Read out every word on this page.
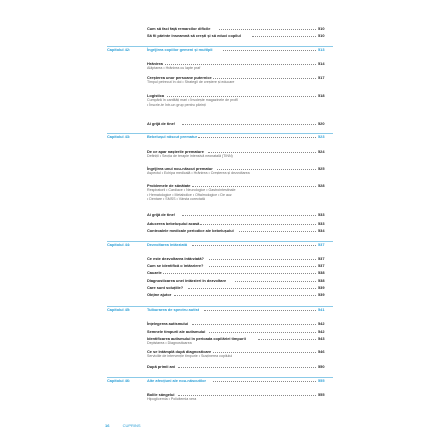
Cum să faci față remarcilor dificile	510
Să fii părinte înseamnă să crești și să educi copilul	510
Capitolul 42:	Îngrijirea copiilor gemeni și multipli	513
Hrănirea	514
Alăptarea • Hrănirea cu lapte praf
Creșterea unor persoane puternice	517
Timpul petrecut în doi • Strategii de creștere și educare
Logistica	518
Cumpără în cantități mari • Învoiește magazinele de profil
• Înscrie-te într-un grup pentru părinți
Ai grijă de tine!	520
Capitolul 43:	Bebelușul născut prematur	523
De ce apar nașterile premature	524
Definiții • Secția de terapie intensivă neonatală (TINN)
Îngrijirea unui nou-născut prematur	525
Aspectul • Echipa medicală • Hrănirea • Creșterea și dezvoltarea
Problemele de sănătate	528
Respiratorii • Cardiace • Neurologice • Gastrointestinale
• Hematologice • Metabolice • Oftalmologice • De auz
• Dentare • SMSS • Vârsta corectată
Ai grijă de tine!	533
Aducerea bebelușului acasă	533
Controalele medicale periodice ale bebelușului	534
Capitolul 44:	Dezvoltarea întârziată	537
Ce este dezvoltarea întârziată?	537
Cum se identifică o întârziere?	537
Cauzele	538
Diagnosticarea unei întârzieri în dezvoltare	538
Care sunt soluțiile?	539
Obține ajutor	539
Capitolul 45:	Tulburarea de spectru autist	541
Înțelegerea autismului	542
Semnele timpurii ale autismului	542
Identificarea autismului în perioada copilăriei timpurii	543
Depistarea • Diagnosticarea
Ce se întâmplă după diagnosticare	546
Serviciile de intervenție timpurie • Susținerea copilului
După primii ani	550
Capitolul 46:	Alte afecțiuni ale nou-născutilor	555
Bolile sângelui	555
Hipoglicemia • Policitemia vera
16	CUPRINS
